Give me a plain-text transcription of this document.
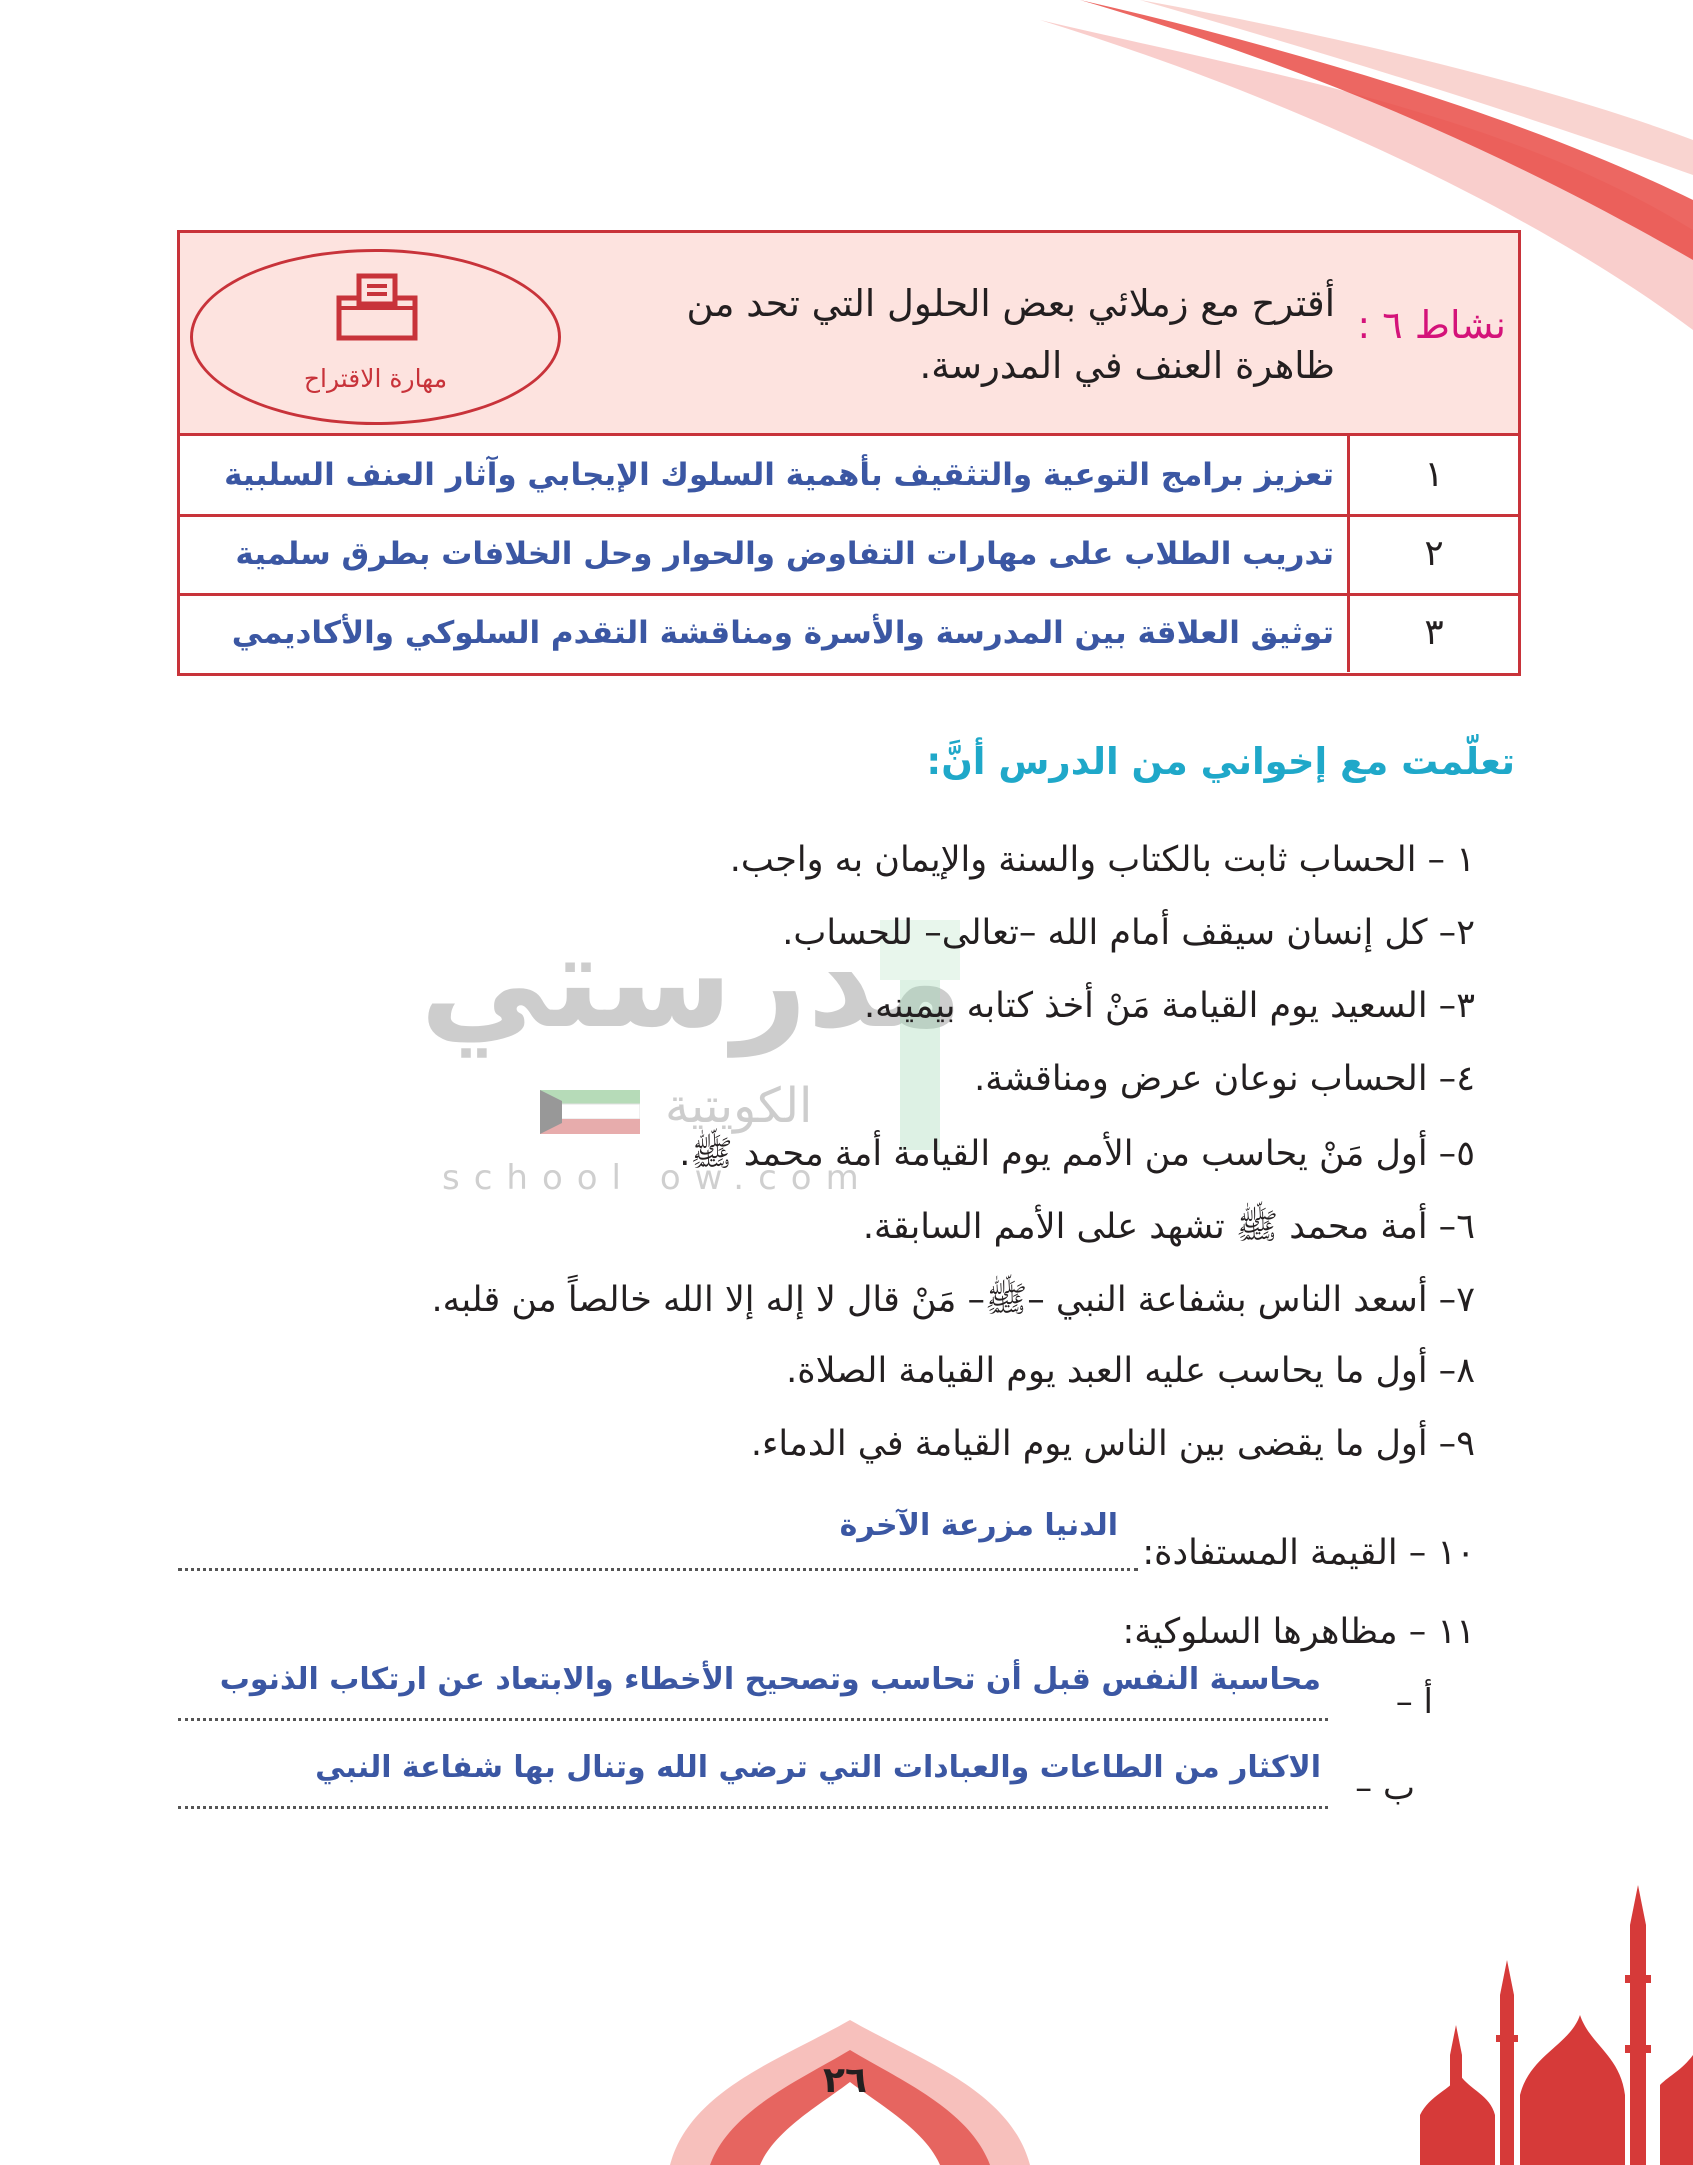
مدرستي
الكويتية
school ow.com
نشاط ٦ :
أقترح مع زملائي بعض الحلول التي تحد من ظاهرة العنف في المدرسة.
مهارة الاقتراح
١
تعزيز برامج التوعية والتثقيف بأهمية السلوك الإيجابي وآثار العنف السلبية
٢
تدريب الطلاب على مهارات التفاوض والحوار وحل الخلافات بطرق سلمية
٣
توثيق العلاقة بين المدرسة والأسرة ومناقشة التقدم السلوكي والأكاديمي
تعلّمت مع إخواني من الدرس أنَّ:
١ – الحساب ثابت بالكتاب والسنة والإيمان به واجب.
٢– كل إنسان سيقف أمام الله –تعالى– للحساب.
٣– السعيد يوم القيامة مَنْ أخذ كتابه بيمينه.
٤– الحساب نوعان عرض ومناقشة.
٥– أول مَنْ يحاسب من الأمم يوم القيامة أمة محمد ﷺ.
٦– أمة محمد ﷺ تشهد على الأمم السابقة.
٧– أسعد الناس بشفاعة النبي –ﷺ– مَنْ قال لا إله إلا الله خالصاً من قلبه.
٨– أول ما يحاسب عليه العبد يوم القيامة الصلاة.
٩– أول ما يقضى بين الناس يوم القيامة في الدماء.
١٠ – القيمة المستفادة:
الدنيا مزرعة الآخرة
١١ – مظاهرها السلوكية:
أ –
محاسبة النفس قبل أن تحاسب وتصحيح الأخطاء والابتعاد عن ارتكاب الذنوب
ب –
الاكثار من الطاعات والعبادات التي ترضي الله وتنال بها شفاعة النبي
٢٦
